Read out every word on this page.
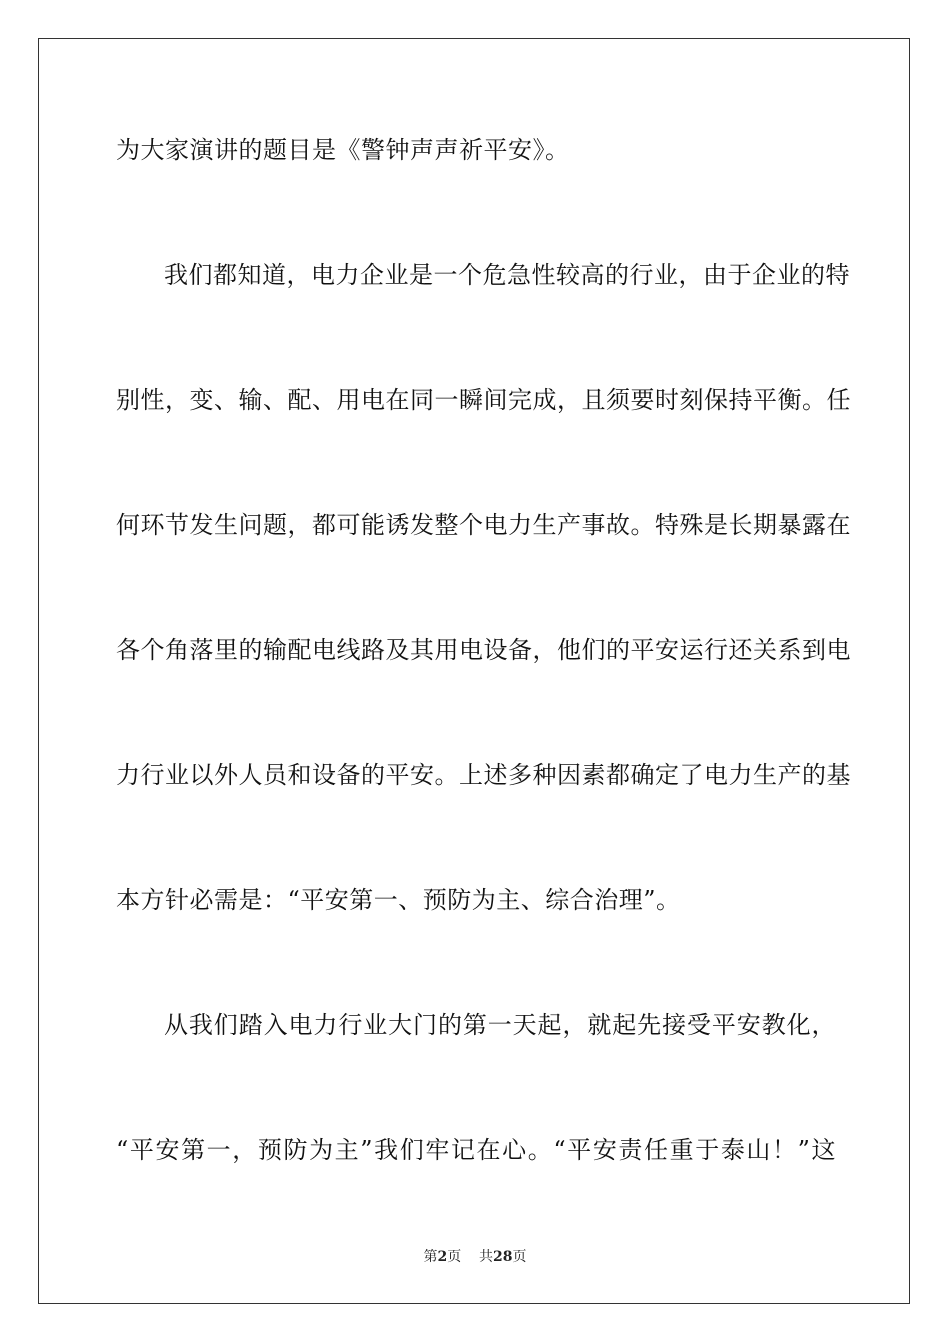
为大家演讲的题目是《警钟声声祈平安》。
我们都知道，电力企业是一个危急性较高的行业，由于企业的特
别性，变、输、配、用电在同一瞬间完成，且须要时刻保持平衡。任
何环节发生问题，都可能诱发整个电力生产事故。特殊是长期暴露在
各个角落里的输配电线路及其用电设备，他们的平安运行还关系到电
力行业以外人员和设备的平安。上述多种因素都确定了电力生产的基
本方针必需是：“平安第一、预防为主、综合治理”。
从我们踏入电力行业大门的第一天起，就起先接受平安教化，
“平安第一，预防为主”我们牢记在心。“平安责任重于泰山！”这
第2页 共28页
